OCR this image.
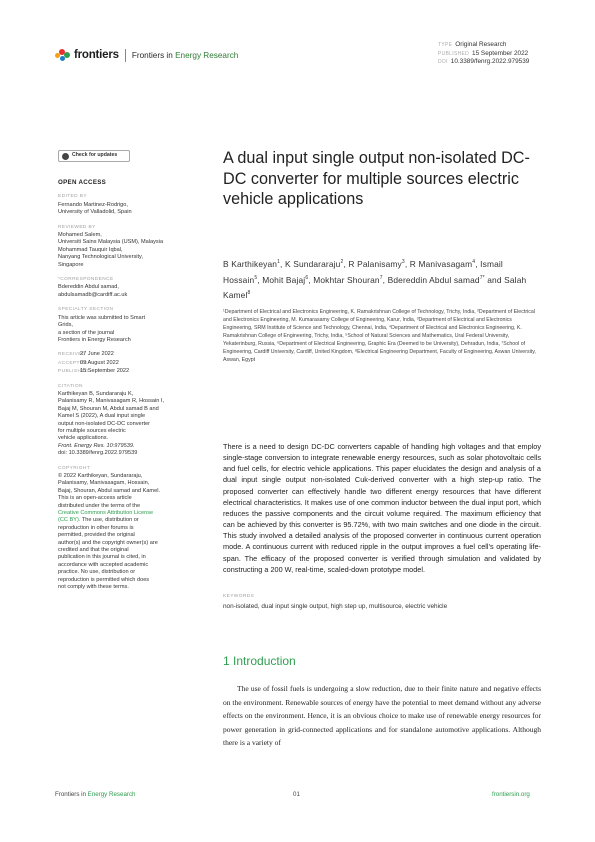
frontiers Frontiers in Energy Research
TYPE Original Research
PUBLISHED 15 September 2022
DOI 10.3389/fenrg.2022.979539
Check for updates
OPEN ACCESS
EDITED BY
Fernando Martinez-Rodrigo,
University of Valladolid, Spain
REVIEWED BY
Mohamed Salem,
Universiti Sains Malaysia (USM), Malaysia
Mohammad Tauquir Iqbal,
Nanyang Technological University,
Singapore
*CORRESPONDENCE
Bdereddin Abdul samad,
abdulsamadb@cardiff.ac.uk
SPECIALTY SECTION
This article was submitted to Smart
Grids,
a section of the journal
Frontiers in Energy Research
RECEIVED27 June 2022
ACCEPTED09 August 2022
PUBLISHED15 September 2022
CITATION
Karthikeyan B, Sundararaju K,
Palanisamy R, Manivasagam R, Hossain I,
Bajaj M, Shouran M, Abdul samad B and
Kamel S (2022), A dual input single
output non-isolated DC-DC converter
for multiple sources electric
vehicle applications.
Front. Energy Res. 10:979539.
doi: 10.3389/fenrg.2022.979539
COPYRIGHT
© 2022 Karthikeyan, Sundararaju,
Palanisamy, Manivasagam, Hossain,
Bajaj, Shouran, Abdul samad and Kamel.
This is an open-access article
distributed under the terms of the
Creative Commons Attribution License
(CC BY). The use, distribution or
reproduction in other forums is
permitted, provided the original
author(s) and the copyright owner(s) are
credited and that the original
publication in this journal is cited, in
accordance with accepted academic
practice. No use, distribution or
reproduction is permitted which does
not comply with these terms.
A dual input single output non-isolated DC-DC converter for multiple sources electric vehicle applications
B Karthikeyan$^1$, K Sundararaju$^2$, R Palanisamy$^3$, R Manivasagam$^4$, Ismail Hossain$^5$, Mohit Bajaj$^6$, Mokhtar Shouran$^7$, Bdereddin Abdul samad$^{7*}$ and Salah Kamel$^8$
¹Department of Electrical and Electronics Engineering, K. Ramakrishnan College of Technology, Trichy, India, ²Department of Electrical and Electronics Engineering, M. Kumarasamy College of Engineering, Karur, India, ³Department of Electrical and Electronics Engineering, SRM Institute of Science and Technology, Chennai, India, ⁴Department of Electrical and Electronics Engineering, K. Ramakrishnan College of Engineering, Trichy, India, ⁵School of Natural Sciences and Mathematics, Ural Federal University, Yekaterinburg, Russia, ⁶Department of Electrical Engineering, Graphic Era (Deemed to be University), Dehradun, India, ⁷School of Engineering, Cardiff University, Cardiff, United Kingdom, ⁸Electrical Engineering Department, Faculty of Engineering, Aswan University, Aswan, Egypt
There is a need to design DC-DC converters capable of handling high voltages and that employ single-stage conversion to integrate renewable energy resources, such as solar photovoltaic cells and fuel cells, for electric vehicle applications. This paper elucidates the design and analysis of a dual input single output non-isolated Cuk-derived converter with a high step-up ratio. The proposed converter can effectively handle two different energy resources that have different electrical characteristics. It makes use of one common inductor between the dual input port, which reduces the passive components and the circuit volume required. The maximum efficiency that can be achieved by this converter is 95.72%, with two main switches and one diode in the circuit. This study involved a detailed analysis of the proposed converter in continuous current operation mode. A continuous current with reduced ripple in the output improves a fuel cell’s operating life-span. The efficacy of the proposed converter is verified through simulation and validated by constructing a 200 W, real-time, scaled-down prototype model.
KEYWORDS
non-isolated, dual input single output, high step up, multisource, electric vehicle
1 Introduction
The use of fossil fuels is undergoing a slow reduction, due to their finite nature and negative effects on the environment. Renewable sources of energy have the potential to meet demand without any adverse effects on the environment. Hence, it is an obvious choice to make use of renewable energy resources for power generation in grid-connected applications and for standalone automotive applications. Although there is a variety of
Frontiers in Energy Research	01	frontiersin.org
